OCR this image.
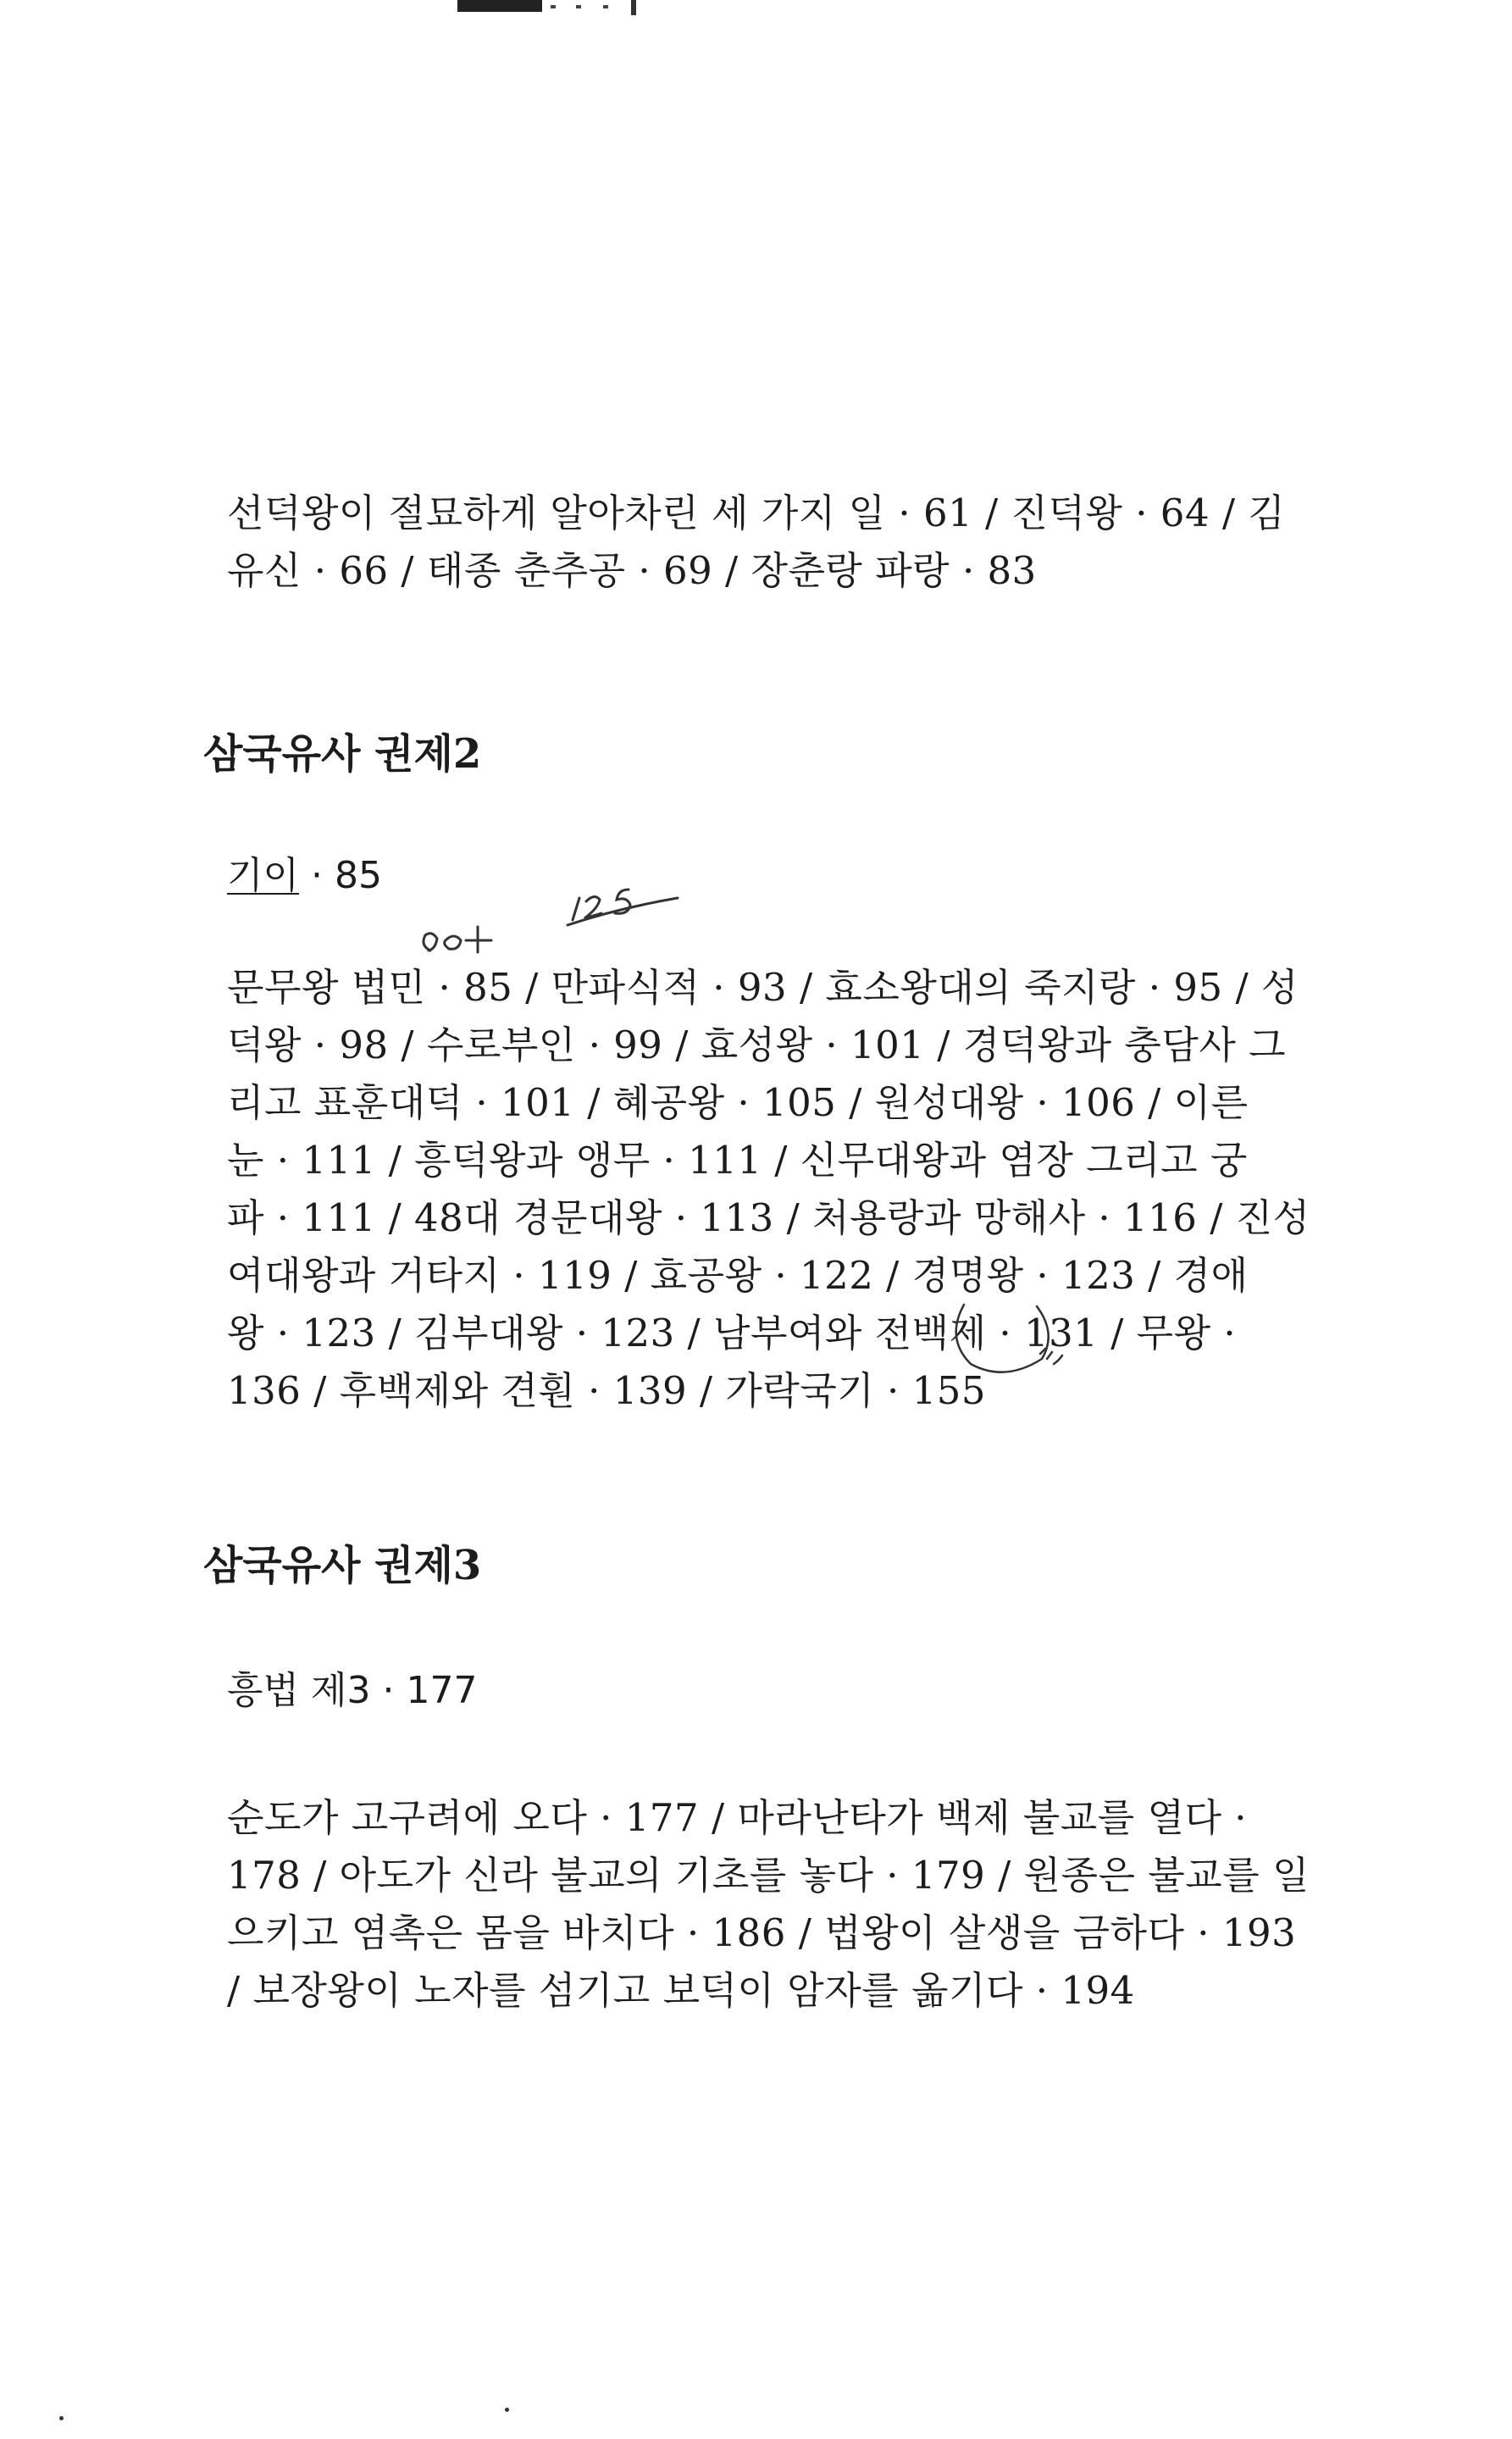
선덕왕이 절묘하게 알아차린 세 가지 일 · 61 / 진덕왕 · 64 / 김
유신 · 66 / 태종 춘추공 · 69 / 장춘랑 파랑 · 83
삼국유사 권제2
기이 · 85
문무왕 법민 · 85 / 만파식적 · 93 / 효소왕대의 죽지랑 · 95 / 성
덕왕 · 98 / 수로부인 · 99 / 효성왕 · 101 / 경덕왕과 충담사 그
리고 표훈대덕 · 101 / 혜공왕 · 105 / 원성대왕 · 106 / 이른
눈 · 111 / 흥덕왕과 앵무 · 111 / 신무대왕과 염장 그리고 궁
파 · 111 / 48대 경문대왕 · 113 / 처용랑과 망해사 · 116 / 진성
여대왕과 거타지 · 119 / 효공왕 · 122 / 경명왕 · 123 / 경애
왕 · 123 / 김부대왕 · 123 / 남부여와 전백제 · 131 / 무왕 ·
136 / 후백제와 견훤 · 139 / 가락국기 · 155
삼국유사 권제3
흥법 제3 · 177
순도가 고구려에 오다 · 177 / 마라난타가 백제 불교를 열다 ·
178 / 아도가 신라 불교의 기초를 놓다 · 179 / 원종은 불교를 일
으키고 염촉은 몸을 바치다 · 186 / 법왕이 살생을 금하다 · 193
/ 보장왕이 노자를 섬기고 보덕이 암자를 옮기다 · 194
